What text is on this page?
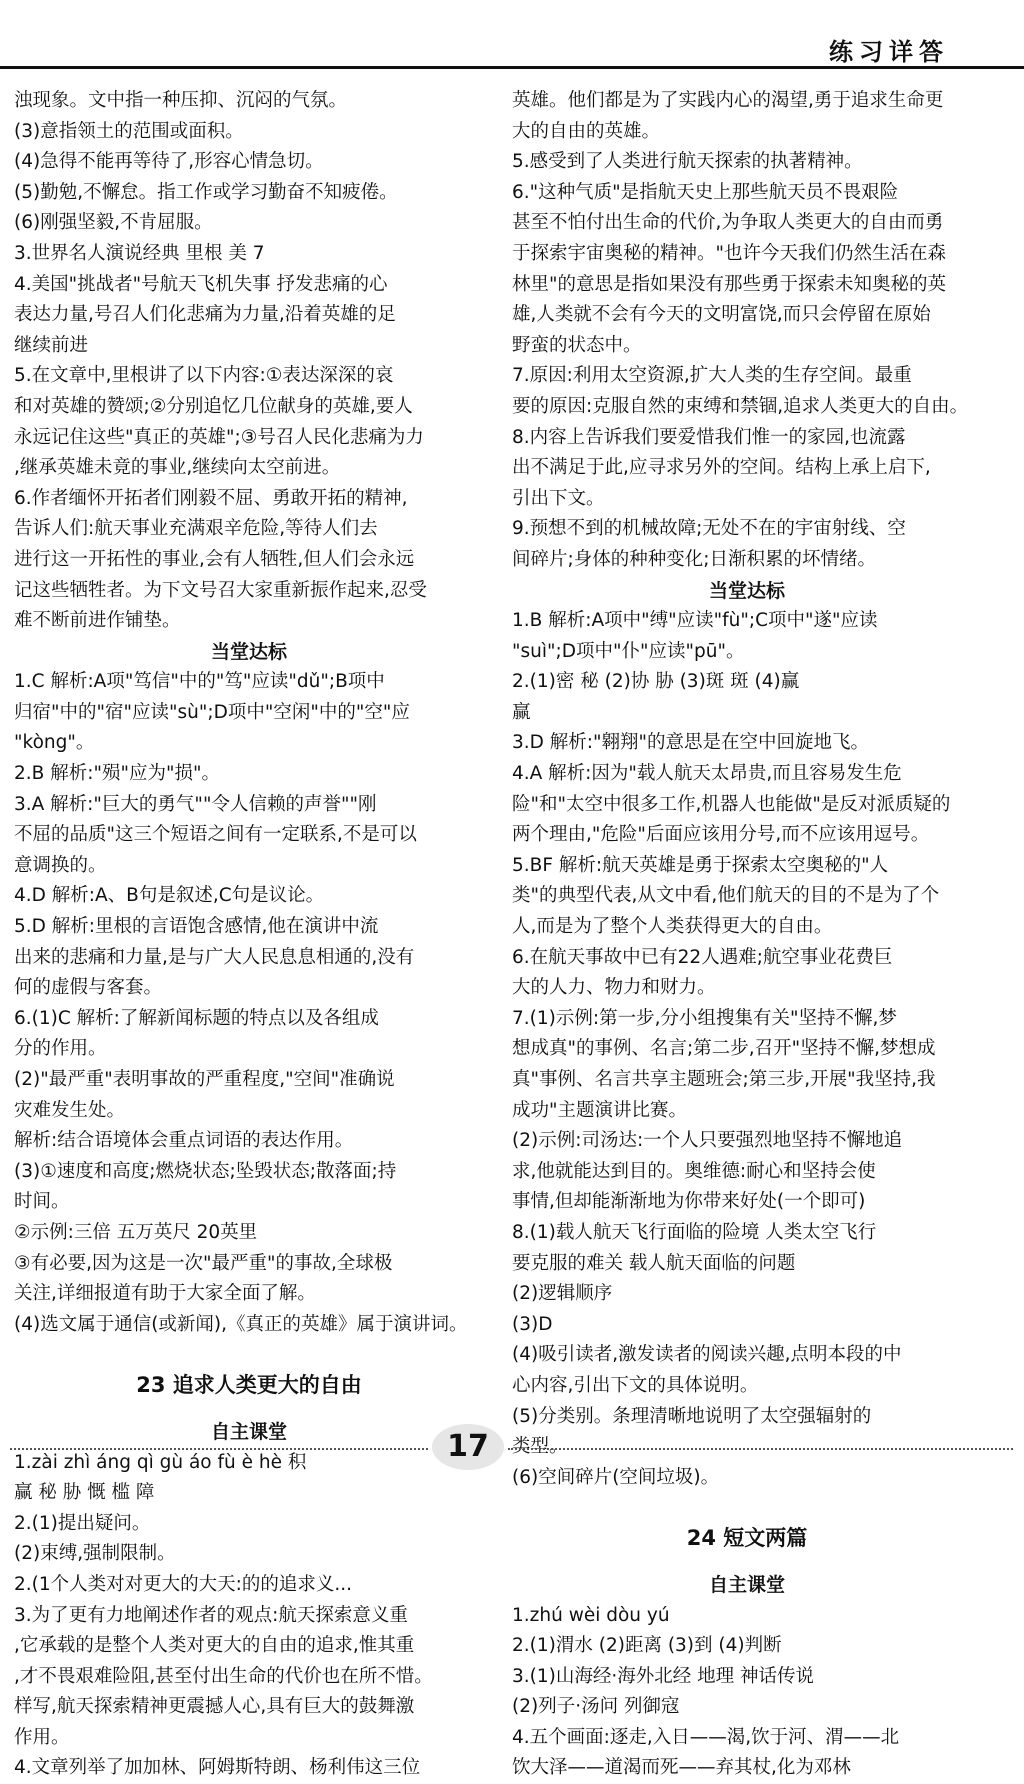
练习详答

浊现象。文中指一种压抑、沉闷的气氛。

(3)意指领土的范围或面积。

(4)急得不能再等待了,形容心情急切。

(5)勤勉,不懈怠。指工作或学习勤奋不知疲倦。

(6)刚强坚毅,不肯屈服。

3.世界名人演说经典 里根 美 7

4.美国"挑战者"号航天飞机失事 抒发悲痛的心

表达力量,号召人们化悲痛为力量,沿着英雄的足

继续前进

5.在文章中,里根讲了以下内容:①表达深深的哀

和对英雄的赞颂;②分别追忆几位献身的英雄,要人

永远记住这些"真正的英雄";③号召人民化悲痛为力

,继承英雄未竟的事业,继续向太空前进。

6.作者缅怀开拓者们刚毅不屈、勇敢开拓的精神,

告诉人们:航天事业充满艰辛危险,等待人们去

进行这一开拓性的事业,会有人牺牲,但人们会永远

记这些牺牲者。为下文号召大家重新振作起来,忍受

难不断前进作铺垫。

当堂达标

1.C 解析:A项"笃信"中的"笃"应读"dǔ";B项中

归宿"中的"宿"应读"sù";D项中"空闲"中的"空"应

"kòng"。

2.B 解析:"殒"应为"损"。

3.A 解析:"巨大的勇气""令人信赖的声誉""刚

不屈的品质"这三个短语之间有一定联系,不是可以

意调换的。

4.D 解析:A、B句是叙述,C句是议论。

5.D 解析:里根的言语饱含感情,他在演讲中流

出来的悲痛和力量,是与广大人民息息相通的,没有

何的虚假与客套。

6.(1)C 解析:了解新闻标题的特点以及各组成

分的作用。

(2)"最严重"表明事故的严重程度,"空间"准确说

灾难发生处。

解析:结合语境体会重点词语的表达作用。

(3)①速度和高度;燃烧状态;坠毁状态;散落面;持

时间。

②示例:三倍 五万英尺 20英里

③有必要,因为这是一次"最严重"的事故,全球极

关注,详细报道有助于大家全面了解。

(4)选文属于通信(或新闻),《真正的英雄》属于演讲词。

23 追求人类更大的自由

自主课堂

1.zài zhì áng qì gù áo fù è hè 积

赢 秘 胁 慨 槛 障

2.(1)提出疑问。

(2)束缚,强制限制。

2.(1个人类对对更大的大天:的的追求义...

3.为了更有力地阐述作者的观点:航天探索意义重

,它承载的是整个人类对更大的自由的追求,惟其重

,才不畏艰难险阻,甚至付出生命的代价也在所不惜。

样写,航天探索精神更震撼人心,具有巨大的鼓舞激

作用。

4.文章列举了加加林、阿姆斯特朗、杨利伟这三位

英雄。他们都是为了实践内心的渴望,勇于追求生命更

大的自由的英雄。

5.感受到了人类进行航天探索的执著精神。

6."这种气质"是指航天史上那些航天员不畏艰险

甚至不怕付出生命的代价,为争取人类更大的自由而勇

于探索宇宙奥秘的精神。"也许今天我们仍然生活在森

林里"的意思是指如果没有那些勇于探索未知奥秘的英

雄,人类就不会有今天的文明富饶,而只会停留在原始

野蛮的状态中。

7.原因:利用太空资源,扩大人类的生存空间。最重

要的原因:克服自然的束缚和禁锢,追求人类更大的自由。

8.内容上告诉我们要爱惜我们惟一的家园,也流露

出不满足于此,应寻求另外的空间。结构上承上启下,

引出下文。

9.预想不到的机械故障;无处不在的宇宙射线、空

间碎片;身体的种种变化;日渐积累的坏情绪。

当堂达标

1.B 解析:A项中"缚"应读"fù";C项中"遂"应读

"suì";D项中"仆"应读"pū"。

2.(1)密 秘 (2)协 胁 (3)斑 斑 (4)赢

赢

3.D 解析:"翱翔"的意思是在空中回旋地飞。

4.A 解析:因为"载人航天太昂贵,而且容易发生危

险"和"太空中很多工作,机器人也能做"是反对派质疑的

两个理由,"危险"后面应该用分号,而不应该用逗号。

5.BF 解析:航天英雄是勇于探索太空奥秘的"人

类"的典型代表,从文中看,他们航天的目的不是为了个

人,而是为了整个人类获得更大的自由。

6.在航天事故中已有22人遇难;航空事业花费巨

大的人力、物力和财力。

7.(1)示例:第一步,分小组搜集有关"坚持不懈,梦

想成真"的事例、名言;第二步,召开"坚持不懈,梦想成

真"事例、名言共享主题班会;第三步,开展"我坚持,我

成功"主题演讲比赛。

(2)示例:司汤达:一个人只要强烈地坚持不懈地追

求,他就能达到目的。奥维德:耐心和坚持会使

事情,但却能渐渐地为你带来好处(一个即可)

8.(1)载人航天飞行面临的险境 人类太空飞行

要克服的难关 载人航天面临的问题

(2)逻辑顺序

(3)D

(4)吸引读者,激发读者的阅读兴趣,点明本段的中

心内容,引出下文的具体说明。

(5)分类别。条理清晰地说明了太空强辐射的

类型。

(6)空间碎片(空间垃圾)。

24 短文两篇

自主课堂

1.zhú wèi dòu yú

2.(1)渭水 (2)距离 (3)到 (4)判断

3.(1)山海经·海外北经 地理 神话传说

(2)列子·汤问 列御寇

4.五个画面:逐走,入日——渴,饮于河、渭——北

饮大泽——道渴而死——弃其杖,化为邓林

17
